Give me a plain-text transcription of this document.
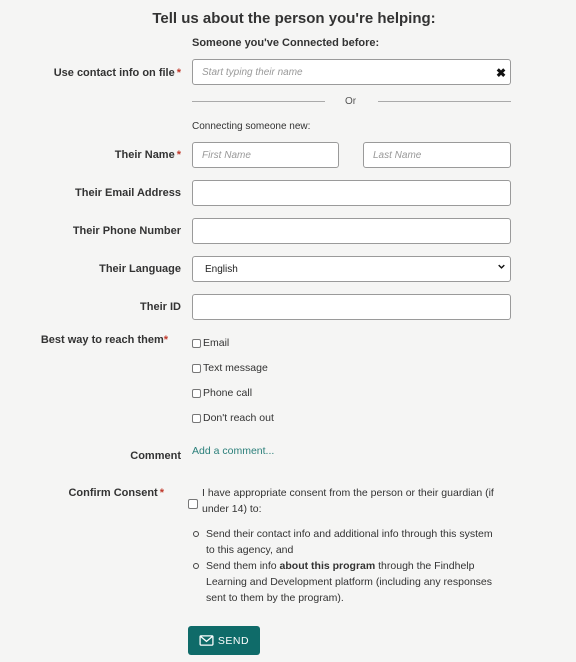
Tell us about the person you're helping:
Someone you've Connected before:
Use contact info on file * Start typing their name	✖
Or
Connecting someone new:
Their Name * First Name	Last Name
Their Email Address
Their Phone Number
Their Language English
Their ID
Best way to reach them*	Email
Text message
Phone call
Don't reach out
Comment Add a comment...
Confirm Consent *	I have appropriate consent from the person or their guardian (if
under 14) to:
Send their contact info and additional info through this system
to this agency, and
Send them info about this program through the Findhelp
Learning and Development platform (including any responses
sent to them by the program).
SEND
